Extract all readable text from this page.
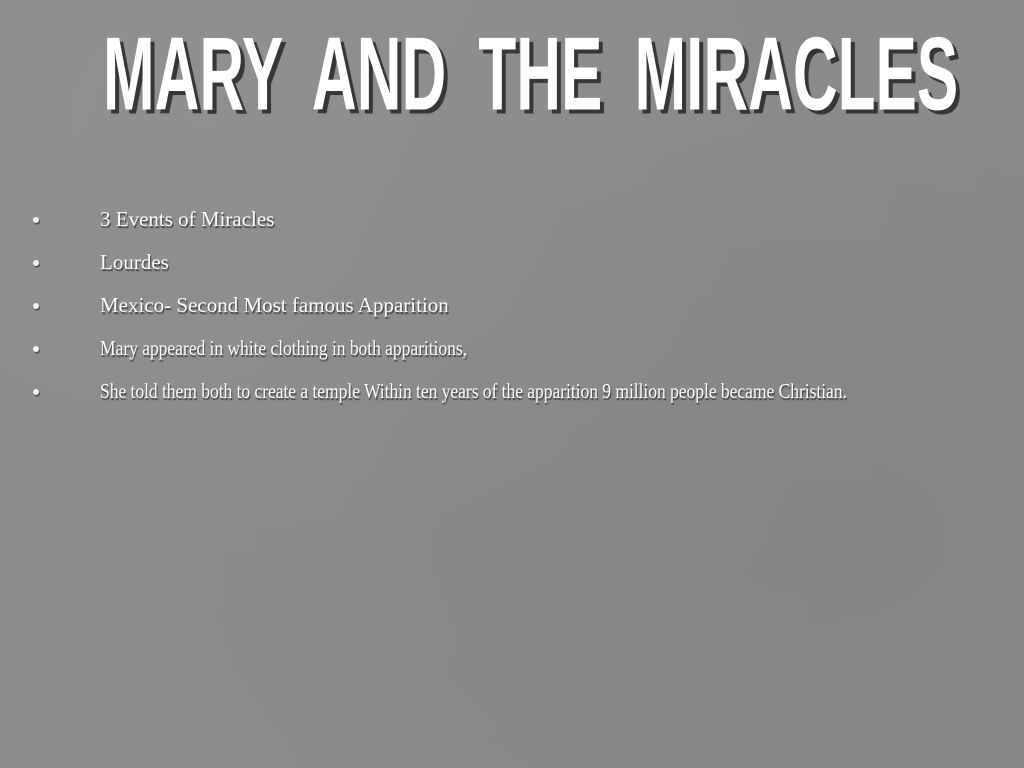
MARY AND THE MIRACLES
3 Events of Miracles
Lourdes
Mexico- Second Most famous Apparition
Mary appeared in white clothing in both apparitions,
She told them both to create a temple Within ten years of the apparition 9 million people became Christian.
